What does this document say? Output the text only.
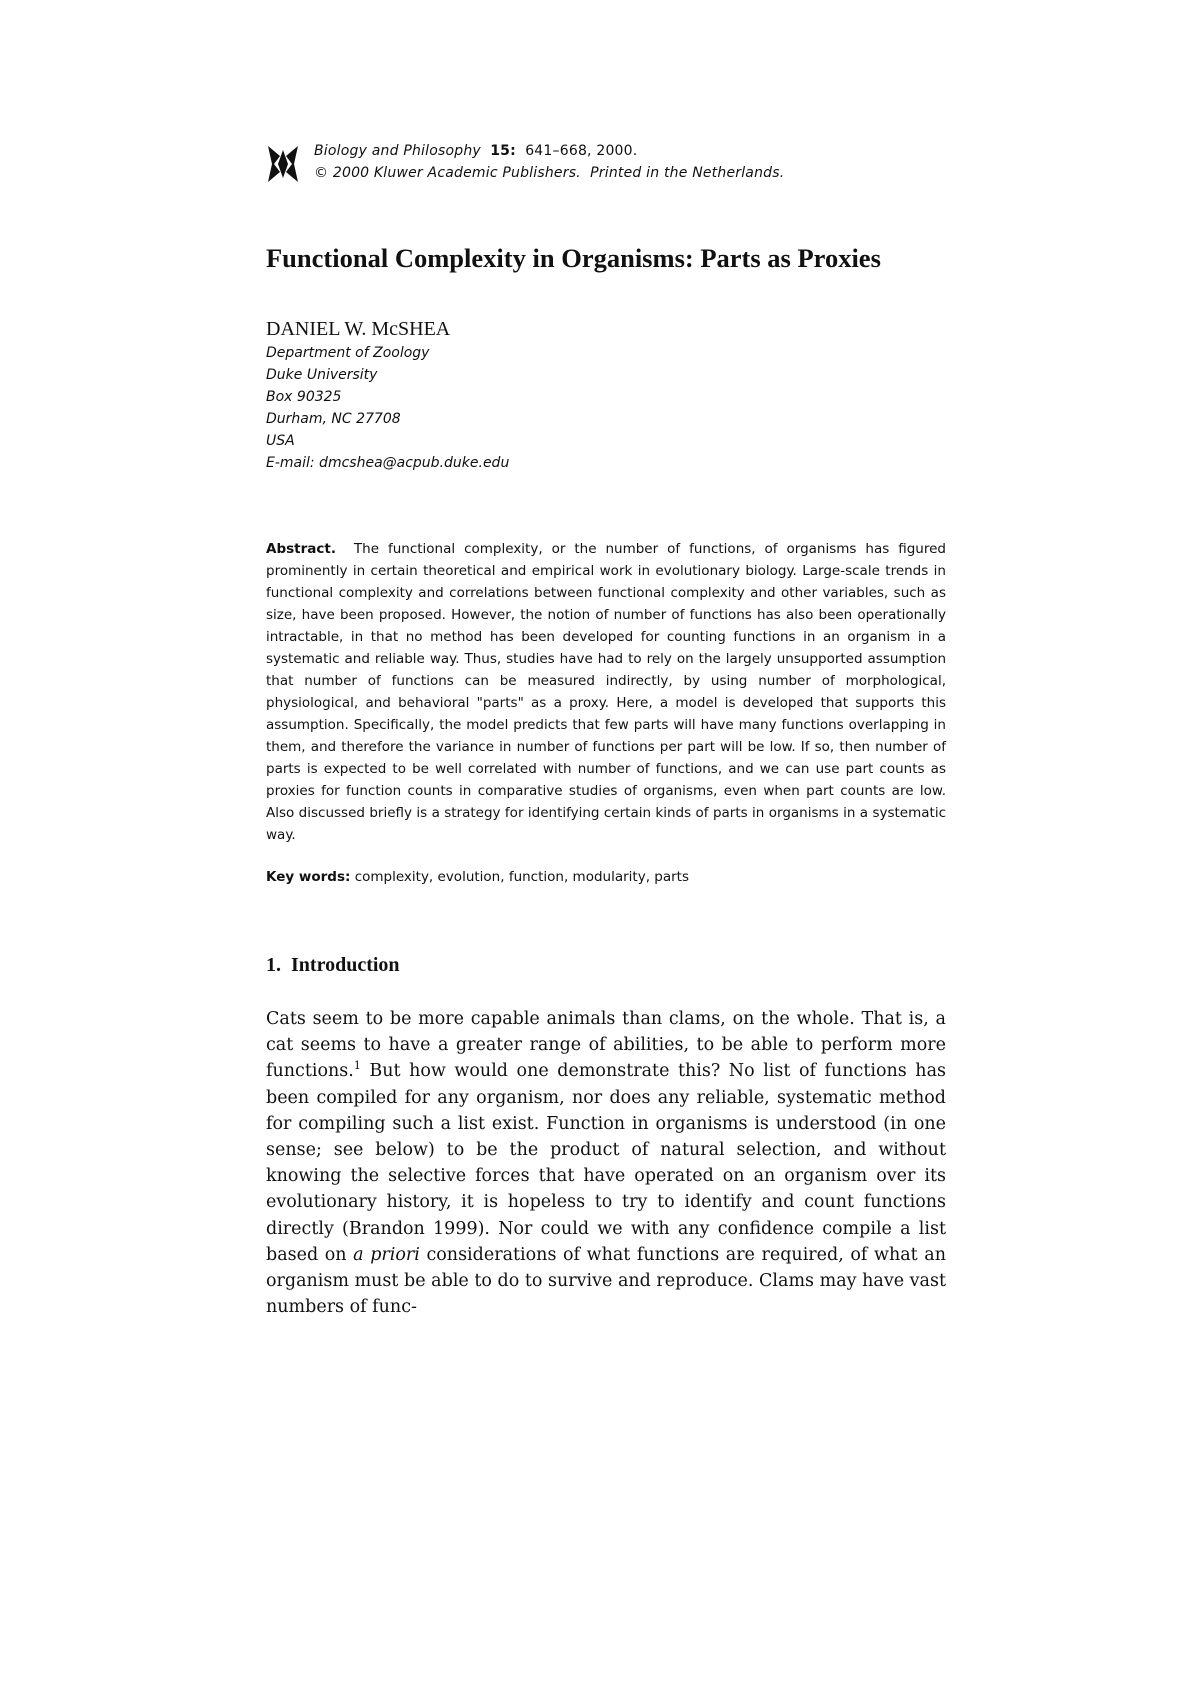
Biology and Philosophy 15: 641–668, 2000.
© 2000 Kluwer Academic Publishers. Printed in the Netherlands.
Functional Complexity in Organisms: Parts as Proxies
DANIEL W. McSHEA
Department of Zoology
Duke University
Box 90325
Durham, NC 27708
USA
E-mail: dmcshea@acpub.duke.edu
Abstract. The functional complexity, or the number of functions, of organisms has figured prominently in certain theoretical and empirical work in evolutionary biology. Large-scale trends in functional complexity and correlations between functional complexity and other variables, such as size, have been proposed. However, the notion of number of functions has also been operationally intractable, in that no method has been developed for counting functions in an organism in a systematic and reliable way. Thus, studies have had to rely on the largely unsupported assumption that number of functions can be measured indirectly, by using number of morphological, physiological, and behavioral "parts" as a proxy. Here, a model is developed that supports this assumption. Specifically, the model predicts that few parts will have many functions overlapping in them, and therefore the variance in number of functions per part will be low. If so, then number of parts is expected to be well correlated with number of functions, and we can use part counts as proxies for function counts in comparative studies of organisms, even when part counts are low. Also discussed briefly is a strategy for identifying certain kinds of parts in organisms in a systematic way.
Key words: complexity, evolution, function, modularity, parts
1. Introduction
Cats seem to be more capable animals than clams, on the whole. That is, a cat seems to have a greater range of abilities, to be able to perform more functions.$^1$ But how would one demonstrate this? No list of functions has been compiled for any organism, nor does any reliable, systematic method for compiling such a list exist. Function in organisms is understood (in one sense; see below) to be the product of natural selection, and without knowing the selective forces that have operated on an organism over its evolutionary history, it is hopeless to try to identify and count functions directly (Brandon 1999). Nor could we with any confidence compile a list based on a priori considerations of what functions are required, of what an organism must be able to do to survive and reproduce. Clams may have vast numbers of func-
